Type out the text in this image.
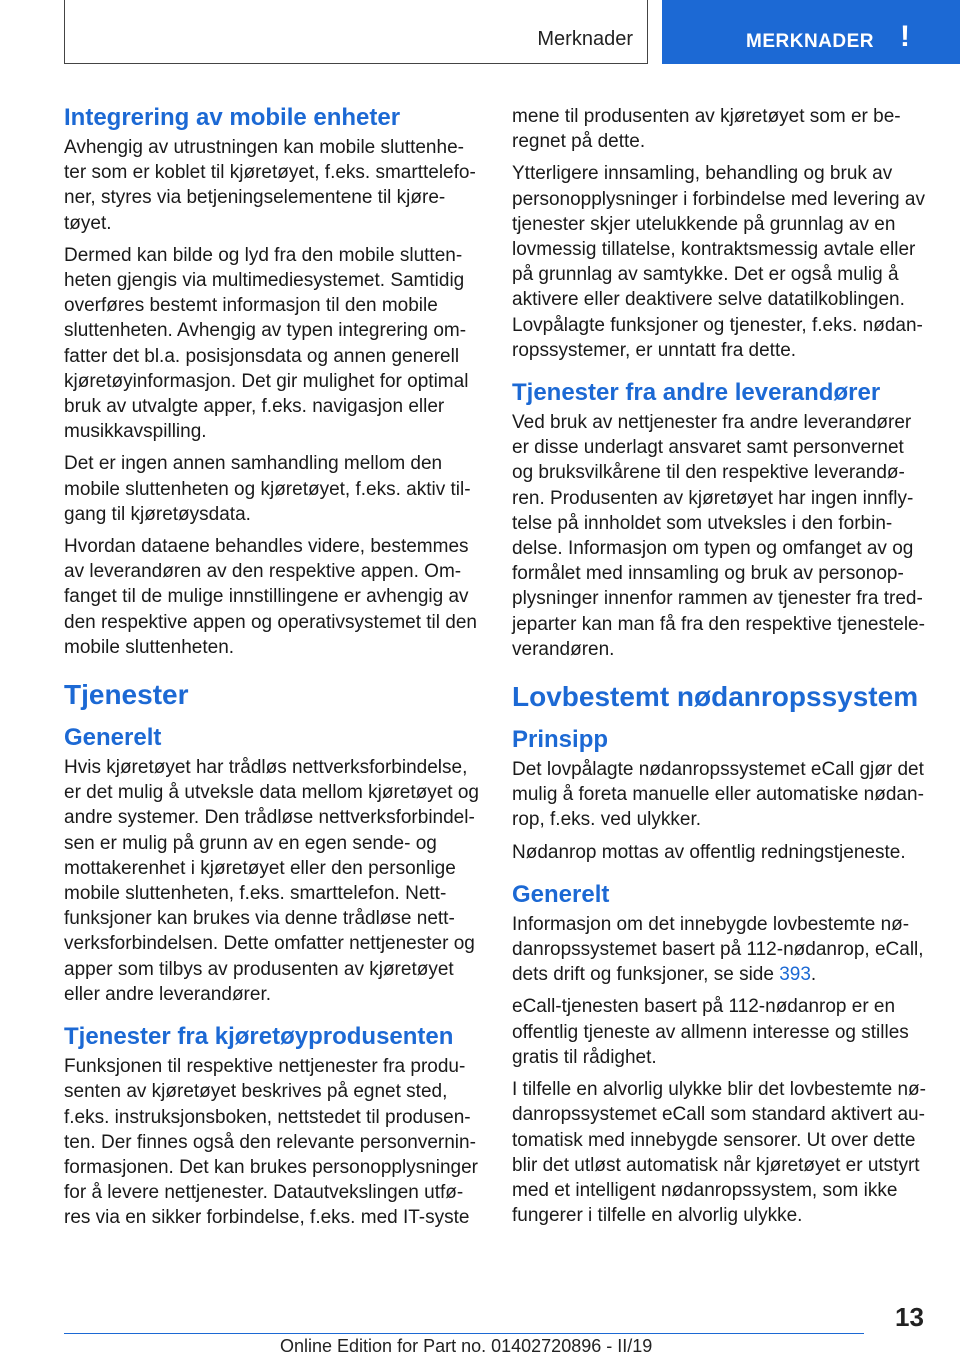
Merknader	MERKNADER !
Integrering av mobile enheter

Avhengig av utrustningen kan mobile sluttenheter som er koblet til kjøretøyet, f.eks. smarttelefoner, styres via betjeningselementene til kjøretøyet.

Dermed kan bilde og lyd fra den mobile sluttenheten gjengis via multimediesystemet. Samtidig overføres bestemt informasjon til den mobile sluttenheten. Avhengig av typen integrering omfatter det bl.a. posisjonsdata og annen generell kjøretøyinformasjon. Det gir mulighet for optimal bruk av utvalgte apper, f.eks. navigasjon eller musikkavspilling.

Det er ingen annen samhandling mellom den mobile sluttenheten og kjøretøyet, f.eks. aktiv tilgang til kjøretøysdata.

Hvordan dataene behandles videre, bestemmes av leverandøren av den respektive appen. Omfanget til de mulige innstillingene er avhengig av den respektive appen og operativsystemet til den mobile sluttenheten.

Tjenester
Generelt

Hvis kjøretøyet har trådløs nettverksforbindelse, er det mulig å utveksle data mellom kjøretøyet og andre systemer. Den trådløse nettverksforbindelsen er mulig på grunn av en egen sende- og mottakerenhet i kjøretøyet eller den personlige mobile sluttenheten, f.eks. smarttelefon. Nettfunksjoner kan brukes via denne trådløse nettverksforbindelsen. Dette omfatter nettjenester og apper som tilbys av produsenten av kjøretøyet eller andre leverandører.

Tjenester fra kjøretøyprodusenten

Funksjonen til respektive nettjenester fra produsenten av kjøretøyet beskrives på egnet sted, f.eks. instruksjonsboken, nettstedet til produsenten. Der finnes også den relevante personverninformasjonen. Det kan brukes personopplysninger for å levere nettjenester. Datautvekslingen utføres via en sikker forbindelse, f.eks. med IT-syste

mene til produsenten av kjøretøyet som er beregnet på dette.

Ytterligere innsamling, behandling og bruk av personopplysninger i forbindelse med levering av tjenester skjer utelukkende på grunnlag av en lovmessig tillatelse, kontraktsmessig avtale eller på grunnlag av samtykke. Det er også mulig å aktivere eller deaktivere selve datatilkoblingen. Lovpålagte funksjoner og tjenester, f.eks. nødanropssystemer, er unntatt fra dette.

Tjenester fra andre leverandører

Ved bruk av nettjenester fra andre leverandører er disse underlagt ansvaret samt personvernet og bruksvilkårene til den respektive leverandøren. Produsenten av kjøretøyet har ingen innflytelse på innholdet som utveksles i den forbindelse. Informasjon om typen og omfanget av og formålet med innsamling og bruk av personopplysninger innenfor rammen av tjenester fra tredjeparter kan man få fra den respektive tjenesteleverandøren.

Lovbestemt nødanropssystem
Prinsipp

Det lovpålagte nødanropssystemet eCall gjør det mulig å foreta manuelle eller automatiske nødanrop, f.eks. ved ulykker.

Nødanrop mottas av offentlig redningstjeneste.

Generelt

Informasjon om det innebygde lovbestemte nødanropssystemet basert på 112-nødanrop, eCall, dets drift og funksjoner, se side 393.

eCall-tjenesten basert på 112-nødanrop er en offentlig tjeneste av allmenn interesse og stilles gratis til rådighet.

I tilfelle en alvorlig ulykke blir det lovbestemte nødanropssystemet eCall som standard aktivert automatisk med innebygde sensorer. Ut over dette blir det utløst automatisk når kjøretøyet er utstyrt med et intelligent nødanropssystem, som ikke fungerer i tilfelle en alvorlig ulykke.

13
Online Edition for Part no. 01402720896 - II/19
